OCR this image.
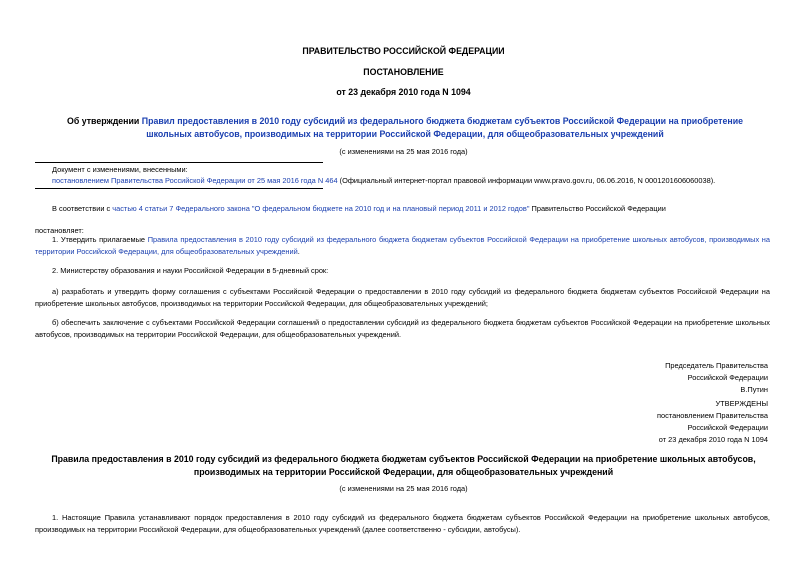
ПРАВИТЕЛЬСТВО РОССИЙСКОЙ ФЕДЕРАЦИИ
ПОСТАНОВЛЕНИЕ
от 23 декабря 2010 года N 1094
Об утверждении Правил предоставления в 2010 году субсидий из федерального бюджета бюджетам субъектов Российской Федерации на приобретение школьных автобусов, производимых на территории Российской Федерации, для общеобразовательных учреждений
(с изменениями на 25 мая 2016 года)
Документ с изменениями, внесенными:
постановлением Правительства Российской Федерации от 25 мая 2016 года N 464 (Официальный интернет-портал правовой информации www.pravo.gov.ru, 06.06.2016, N 0001201606060038).
В соответствии с частью 4 статьи 7 Федерального закона "О федеральном бюджете на 2010 год и на плановый период 2011 и 2012 годов" Правительство Российской Федерации
постановляет:
1. Утвердить прилагаемые Правила предоставления в 2010 году субсидий из федерального бюджета бюджетам субъектов Российской Федерации на приобретение школьных автобусов, производимых на территории Российской Федерации, для общеобразовательных учреждений.
2. Министерству образования и науки Российской Федерации в 5-дневный срок:
а) разработать и утвердить форму соглашения с субъектами Российской Федерации о предоставлении в 2010 году субсидий из федерального бюджета бюджетам субъектов Российской Федерации на приобретение школьных автобусов, производимых на территории Российской Федерации, для общеобразовательных учреждений;
б) обеспечить заключение с субъектами Российской Федерации соглашений о предоставлении субсидий из федерального бюджета бюджетам субъектов Российской Федерации на приобретение школьных автобусов, производимых на территории Российской Федерации, для общеобразовательных учреждений.
Председатель Правительства
Российской Федерации
В.Путин
УТВЕРЖДЕНЫ
постановлением Правительства
Российской Федерации
от 23 декабря 2010 года N 1094
Правила предоставления в 2010 году субсидий из федерального бюджета бюджетам субъектов Российской Федерации на приобретение школьных автобусов, производимых на территории Российской Федерации, для общеобразовательных учреждений
(с изменениями на 25 мая 2016 года)
1. Настоящие Правила устанавливают порядок предоставления в 2010 году субсидий из федерального бюджета бюджетам субъектов Российской Федерации на приобретение школьных автобусов, производимых на территории Российской Федерации, для общеобразовательных учреждений (далее соответственно - субсидии, автобусы).
